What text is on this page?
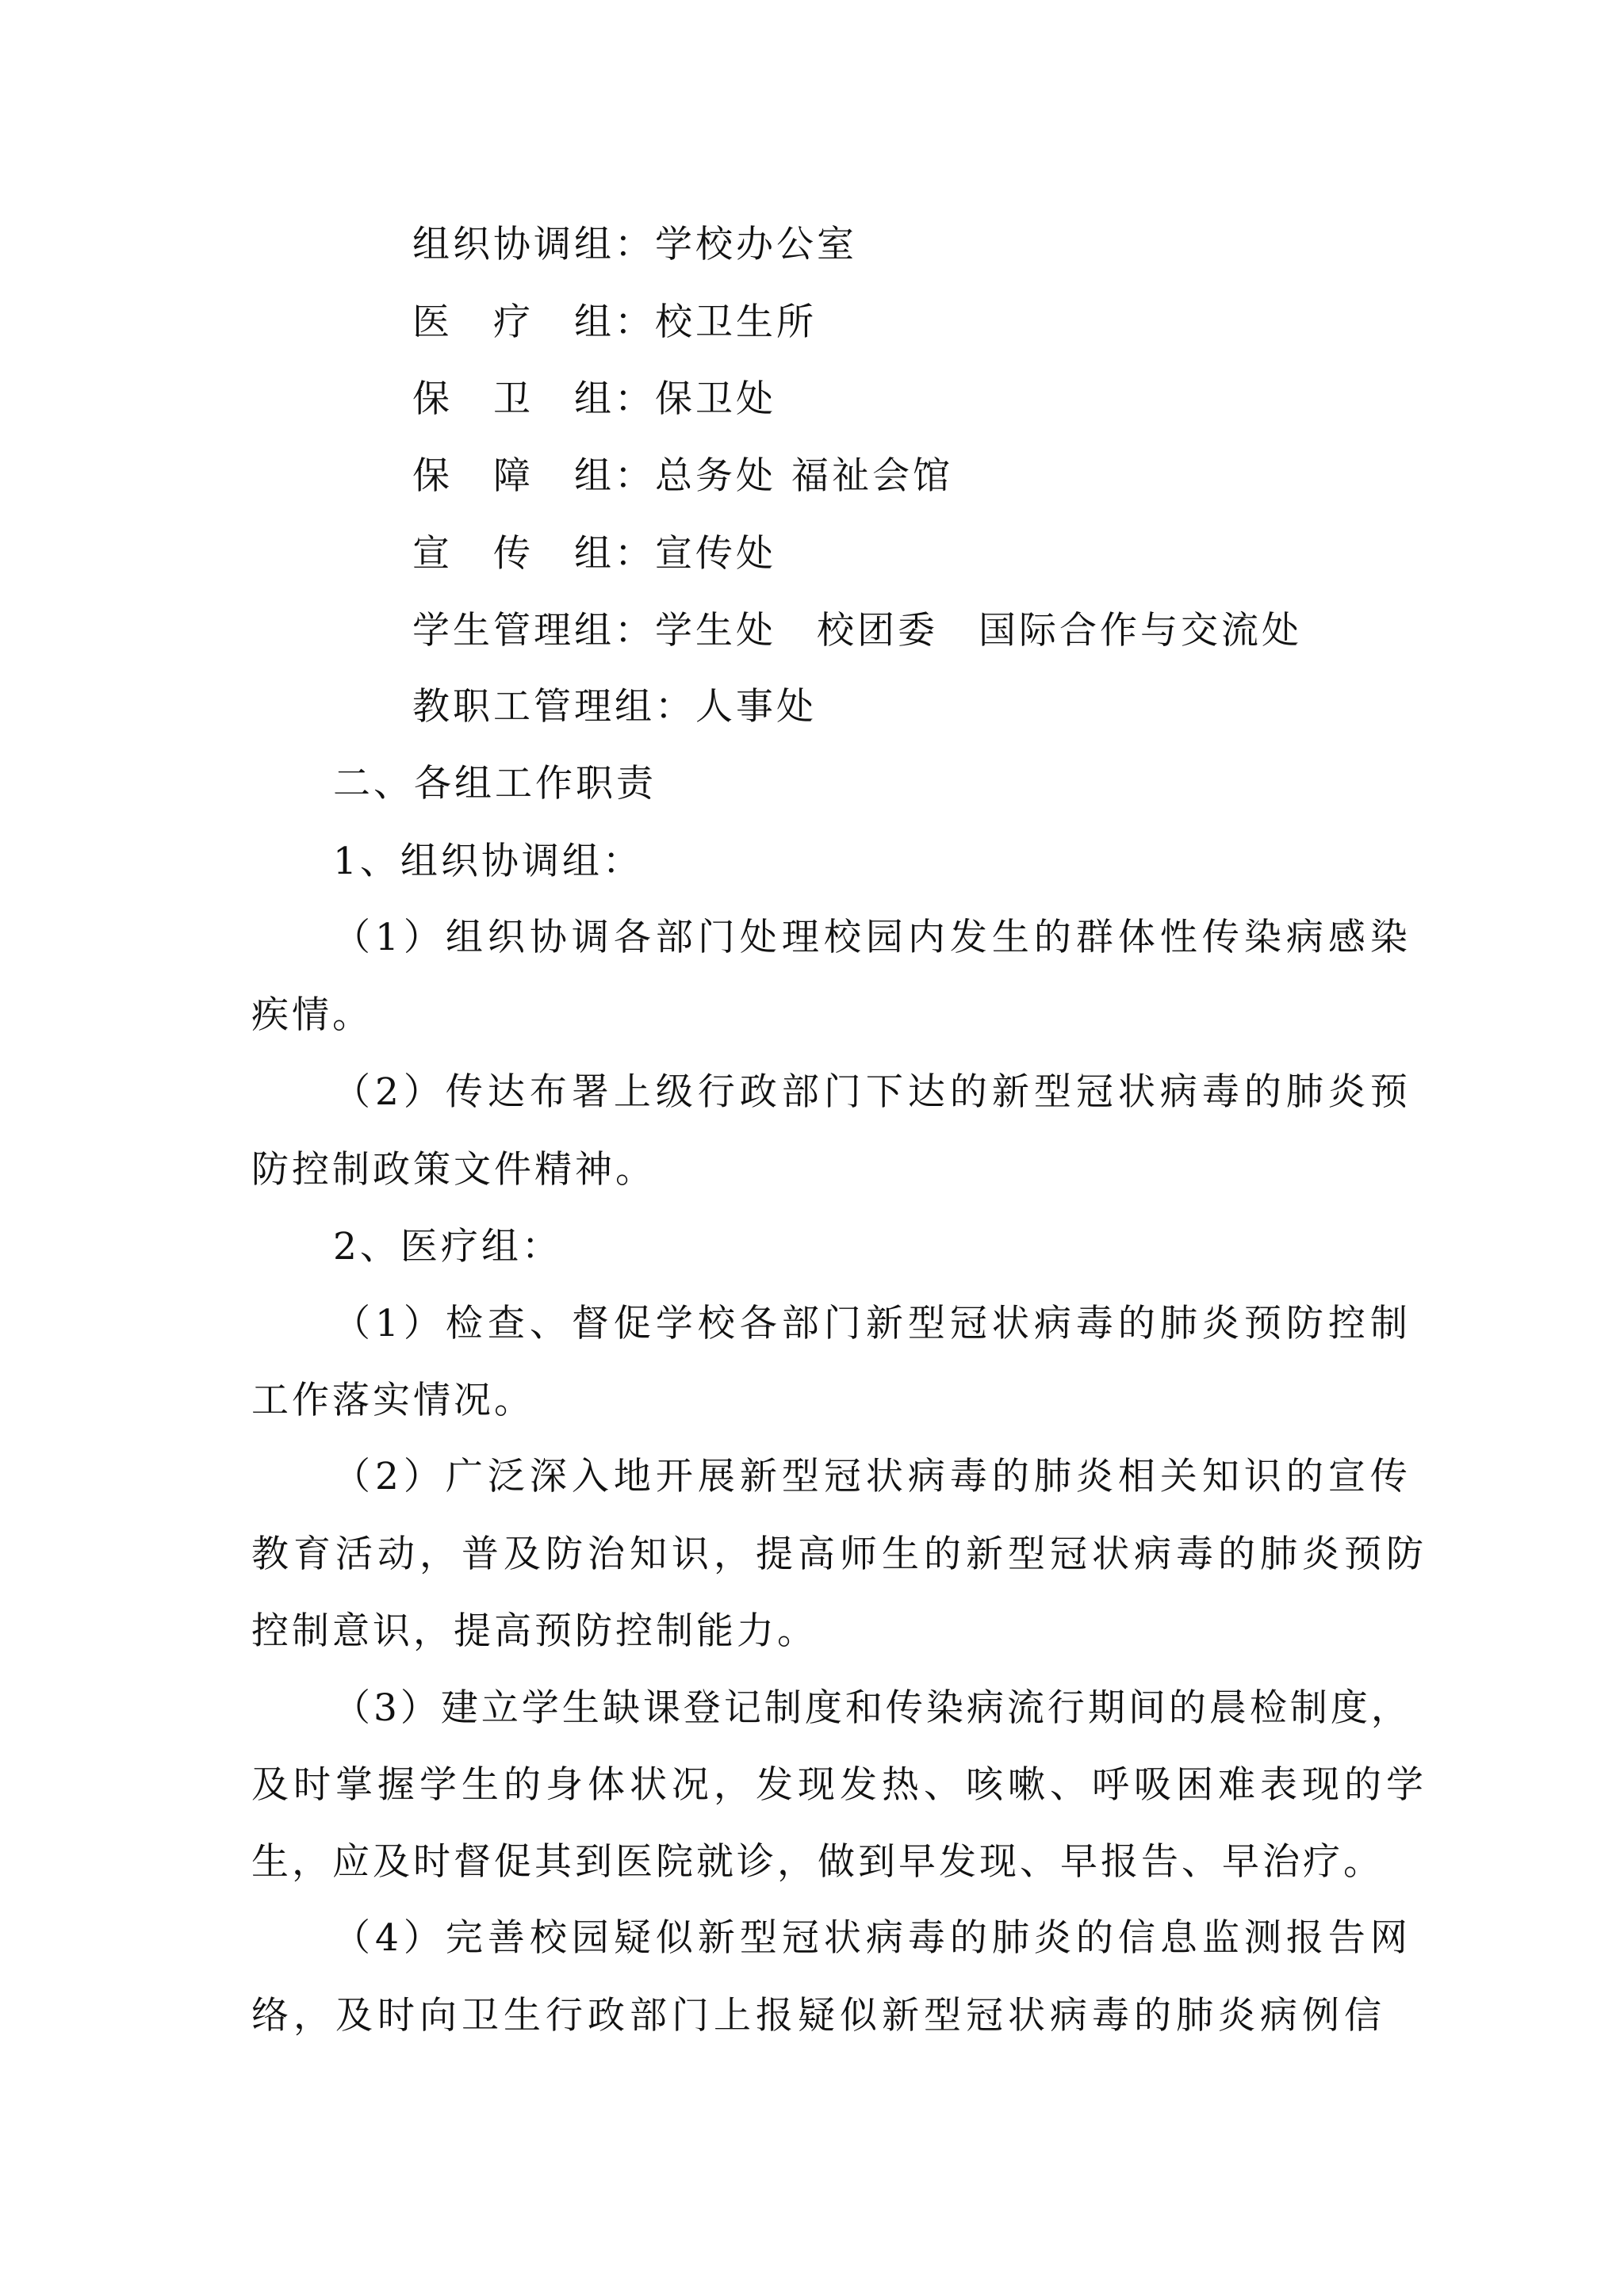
组织协调组：学校办公室
医　疗　组：校卫生所
保　卫　组：保卫处
保　障　组：总务处 福祉会馆
宣　传　组：宣传处
学生管理组：学生处　校团委　国际合作与交流处
教职工管理组：人事处
二、各组工作职责
1、组织协调组：
（1）组织协调各部门处理校园内发生的群体性传染病感染
疾情。
（2）传达布署上级行政部门下达的新型冠状病毒的肺炎预
防控制政策文件精神。
2、医疗组：
（1）检查、督促学校各部门新型冠状病毒的肺炎预防控制
工作落实情况。
（2）广泛深入地开展新型冠状病毒的肺炎相关知识的宣传
教育活动，普及防治知识，提高师生的新型冠状病毒的肺炎预防
控制意识，提高预防控制能力。
（3）建立学生缺课登记制度和传染病流行期间的晨检制度，
及时掌握学生的身体状况，发现发热、咳嗽、呼吸困难表现的学
生，应及时督促其到医院就诊，做到早发现、早报告、早治疗。
（4）完善校园疑似新型冠状病毒的肺炎的信息监测报告网
络，及时向卫生行政部门上报疑似新型冠状病毒的肺炎病例信
